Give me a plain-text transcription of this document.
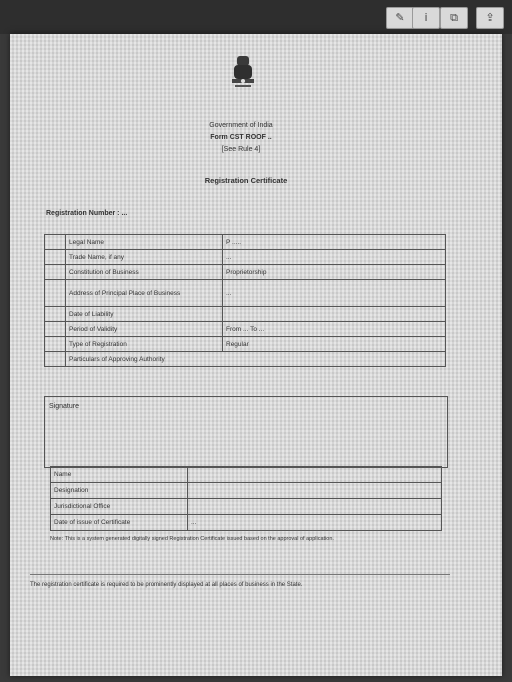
✎	i	⧉	⇪
Government of India
Form CST ROOF ..
[See Rule 4]
Registration Certificate
Registration Number : ...
	Legal Name	P .....
	Trade Name, if any	...
	Constitution of Business	Proprietorship
	Address of Principal Place of Business	...
	Date of Liability	
	Period of Validity	From ... To ...
	Type of Registration	Regular
	Particulars of Approving Authority	
Signature
Name	
Designation	
Jurisdictional Office	
Date of issue of Certificate	...
Note: This is a system generated digitally signed Registration Certificate issued based on the approval of application.
The registration certificate is required to be prominently displayed at all places of business in the State.
